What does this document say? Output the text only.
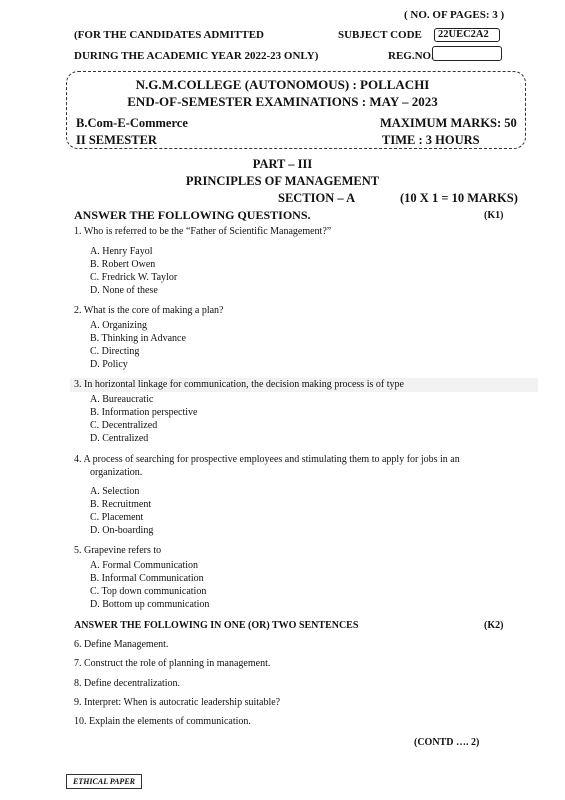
( NO. OF PAGES: 3 )
(FOR THE CANDIDATES ADMITTED	SUBJECT CODE	22UEC2A2
DURING THE ACADEMIC YEAR 2022-23 ONLY)	REG.NO.
N.G.M.COLLEGE (AUTONOMOUS) : POLLACHI
END-OF-SEMESTER EXAMINATIONS : MAY – 2023
B.Com-E-Commerce	MAXIMUM MARKS: 50
II SEMESTER	TIME : 3 HOURS
PART – III
PRINCIPLES OF MANAGEMENT
SECTION – A	(10 X 1 = 10 MARKS)
ANSWER THE FOLLOWING QUESTIONS.	(K1)
1. Who is referred to be the “Father of Scientific Management?”
A. Henry Fayol
B. Robert Owen
C. Fredrick W. Taylor
D. None of these
2. What is the core of making a plan?
A. Organizing
B. Thinking in Advance
C. Directing
D. Policy
3. In horizontal linkage for communication, the decision making process is of type
A. Bureaucratic
B. Information perspective
C. Decentralized
D. Centralized
4. A process of searching for prospective employees and stimulating them to apply for jobs in an
organization.
A. Selection
B. Recruitment
C. Placement
D. On-boarding
5. Grapevine refers to
A. Formal Communication
B. Informal Communication
C. Top down communication
D. Bottom up communication
ANSWER THE FOLLOWING IN ONE (OR) TWO SENTENCES	(K2)
6. Define Management.
7. Construct the role of planning in management.
8. Define decentralization.
9. Interpret: When is autocratic leadership suitable?
10. Explain the elements of communication.
(CONTD …. 2)
ETHICAL PAPER
